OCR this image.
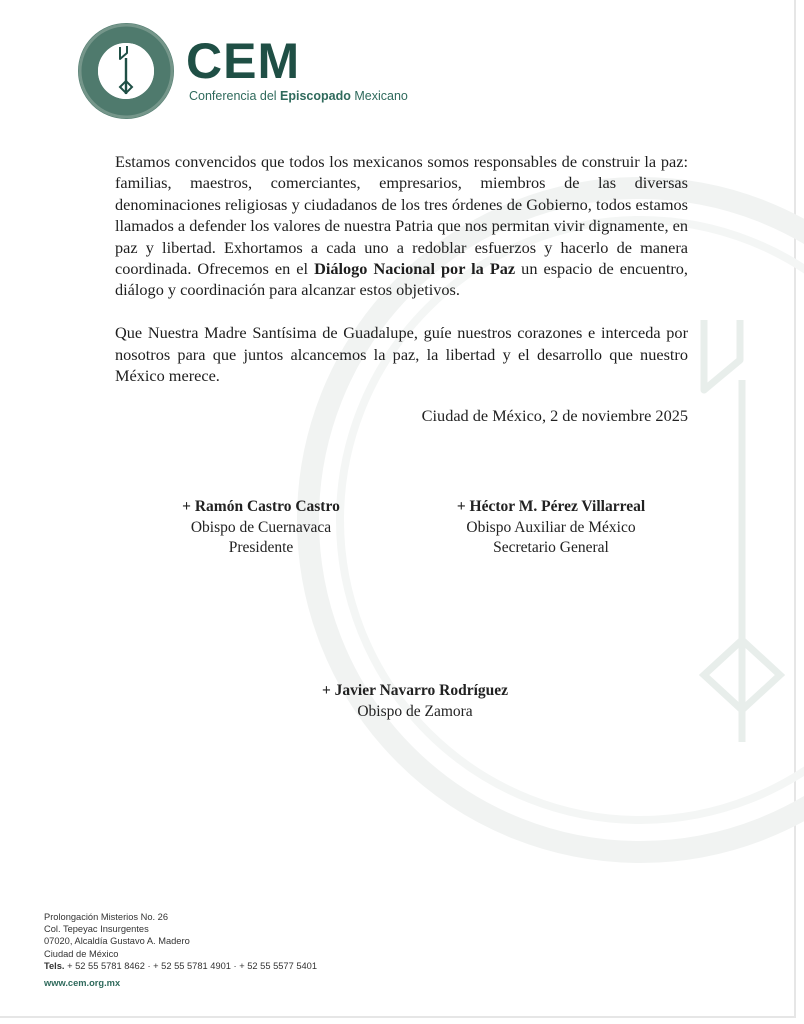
CEM
Conferencia del Episcopado Mexicano

Estamos convencidos que todos los mexicanos somos responsables de construir la paz: familias, maestros, comerciantes, empresarios, miembros de las diversas denominaciones religiosas y ciudadanos de los tres órdenes de Gobierno, todos estamos llamados a defender los valores de nuestra Patria que nos permitan vivir dignamente, en paz y libertad. Exhortamos a cada uno a redoblar esfuerzos y hacerlo de manera coordinada. Ofrecemos en el Diálogo Nacional por la Paz un espacio de encuentro, diálogo y coordinación para alcanzar estos objetivos.

Que Nuestra Madre Santísima de Guadalupe, guíe nuestros corazones e interceda por nosotros para que juntos alcancemos la paz, la libertad y el desarrollo que nuestro México merece.

Ciudad de México, 2 de noviembre 2025
+ Ramón Castro Castro
Obispo de Cuernavaca
Presidente
+ Héctor M. Pérez Villarreal
Obispo Auxiliar de México
Secretario General
+ Javier Navarro Rodríguez
Obispo de Zamora
Prolongación Misterios No. 26
Col. Tepeyac Insurgentes
07020, Alcaldía Gustavo A. Madero
Ciudad de México
Tels. + 52 55 5781 8462 · + 52 55 5781 4901 · + 52 55 5577 5401
www.cem.org.mx
